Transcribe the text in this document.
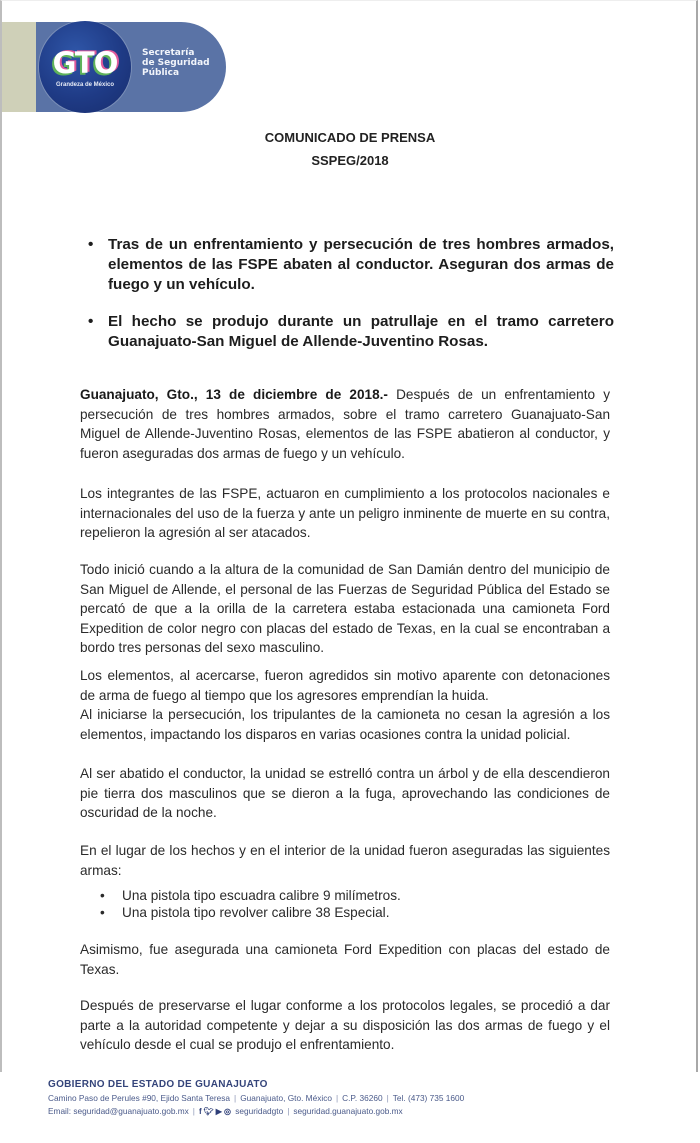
GTO
Grandeza de México
Secretaría
de Seguridad
Pública
COMUNICADO DE PRENSA
SSPEG/2018
• Tras de un enfrentamiento y persecución de tres hombres armados, elementos de las FSPE abaten al conductor. Aseguran dos armas de fuego y un vehículo.
• El hecho se produjo durante un patrullaje en el tramo carretero Guanajuato-San Miguel de Allende-Juventino Rosas.

Guanajuato, Gto., 13 de diciembre de 2018.- Después de un enfrentamiento y persecución de tres hombres armados, sobre el tramo carretero Guanajuato-San Miguel de Allende-Juventino Rosas, elementos de las FSPE abatieron al conductor, y fueron aseguradas dos armas de fuego y un vehículo.

Los integrantes de las FSPE, actuaron en cumplimiento a los protocolos nacionales e internacionales del uso de la fuerza y ante un peligro inminente de muerte en su contra, repelieron la agresión al ser atacados.

Todo inició cuando a la altura de la comunidad de San Damián dentro del municipio de San Miguel de Allende, el personal de las Fuerzas de Seguridad Pública del Estado se percató de que a la orilla de la carretera estaba estacionada una camioneta Ford Expedition de color negro con placas del estado de Texas, en la cual se encontraban a bordo tres personas del sexo masculino.

Los elementos, al acercarse, fueron agredidos sin motivo aparente con detonaciones de arma de fuego al tiempo que los agresores emprendían la huida.

Al iniciarse la persecución, los tripulantes de la camioneta no cesan la agresión a los elementos, impactando los disparos en varias ocasiones contra la unidad policial.

Al ser abatido el conductor, la unidad se estrelló contra un árbol y de ella descendieron pie tierra dos masculinos que se dieron a la fuga, aprovechando las condiciones de oscuridad de la noche.

En el lugar de los hechos y en el interior de la unidad fueron aseguradas las siguientes armas:

• Una pistola tipo escuadra calibre 9 milímetros.
• Una pistola tipo revolver calibre 38 Especial.

Asimismo, fue asegurada una camioneta Ford Expedition con placas del estado de Texas.

Después de preservarse el lugar conforme a los protocolos legales, se procedió a dar parte a la autoridad competente y dejar a su disposición las dos armas de fuego y el vehículo desde el cual se produjo el enfrentamiento.

GOBIERNO DEL ESTADO DE GUANAJUATO
Camino Paso de Perules #90, Ejido Santa Teresa | Guanajuato, Gto. México | C.P. 36260 | Tel. (473) 735 1600
Email: seguridad@guanajuato.gob.mx | f 🐦︎ ▶ ◎ seguridadgto | seguridad.guanajuato.gob.mx
